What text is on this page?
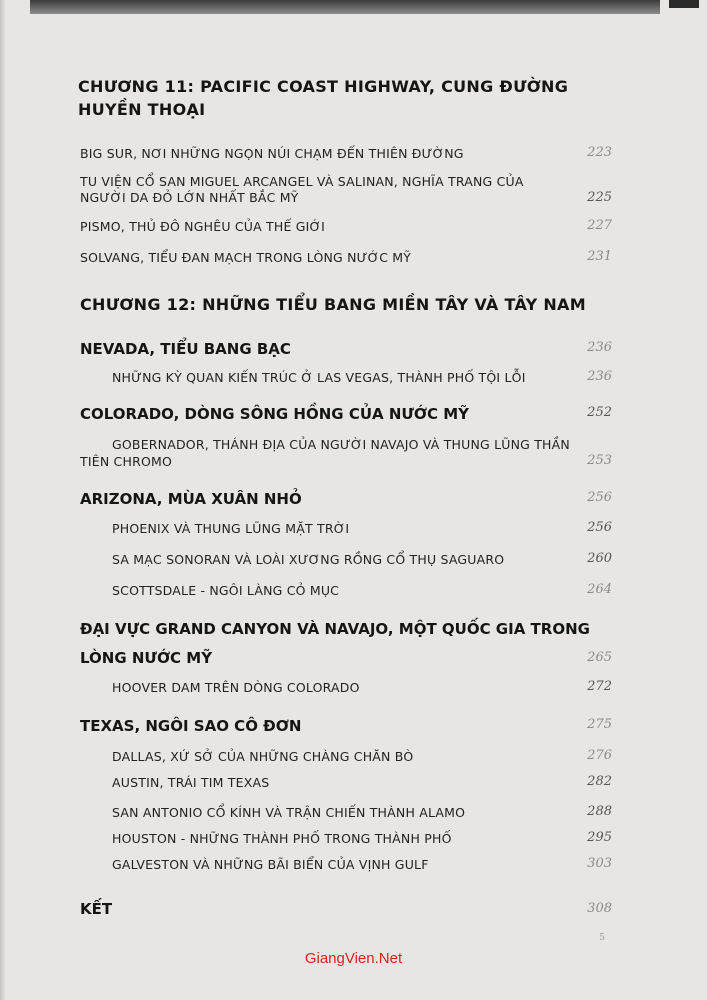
CHƯƠNG 11: PACIFIC COAST HIGHWAY, CUNG ĐƯỜNG
HUYỀN THOẠI
BIG SUR, NƠI NHỮNG NGỌN NÚI CHẠM ĐẾN THIÊN ĐƯỜNG	223
TU VIỆN CỔ SAN MIGUEL ARCANGEL VÀ SALINAN, NGHĨA TRANG CỦA
NGƯỜI DA ĐỎ LỚN NHẤT BẮC MỸ	225
PISMO, THỦ ĐÔ NGHÊU CỦA THẾ GIỚI	227
SOLVANG, TIỂU ĐAN MẠCH TRONG LÒNG NƯỚC MỸ	231
CHƯƠNG 12: NHỮNG TIỂU BANG MIỀN TÂY VÀ TÂY NAM
NEVADA, TIỂU BANG BẠC	236
NHỮNG KỲ QUAN KIẾN TRÚC Ở LAS VEGAS, THÀNH PHỐ TỘI LỖI	236
COLORADO, DÒNG SÔNG HỒNG CỦA NƯỚC MỸ	252
GOBERNADOR, THÁNH ĐỊA CỦA NGƯỜI NAVAJO VÀ THUNG LŨNG THẦN
TIÊN CHROMO	253
ARIZONA, MÙA XUÂN NHỎ	256
PHOENIX VÀ THUNG LŨNG MẶT TRỜI	256
SA MẠC SONORAN VÀ LOÀI XƯƠNG RỒNG CỔ THỤ SAGUARO	260
SCOTTSDALE - NGÔI LÀNG CỎ MỤC	264
ĐẠI VỰC GRAND CANYON VÀ NAVAJO, MỘT QUỐC GIA TRONG
LÒNG NƯỚC MỸ	265
HOOVER DAM TRÊN DÒNG COLORADO	272
TEXAS, NGÔI SAO CÔ ĐƠN	275
DALLAS, XỨ SỞ CỦA NHỮNG CHÀNG CHĂN BÒ	276
AUSTIN, TRÁI TIM TEXAS	282
SAN ANTONIO CỔ KÍNH VÀ TRẬN CHIẾN THÀNH ALAMO	288
HOUSTON - NHỮNG THÀNH PHỐ TRONG THÀNH PHỐ	295
GALVESTON VÀ NHỮNG BÃI BIỂN CỦA VỊNH GULF	303
KẾT	308
5
GiangVien.Net
